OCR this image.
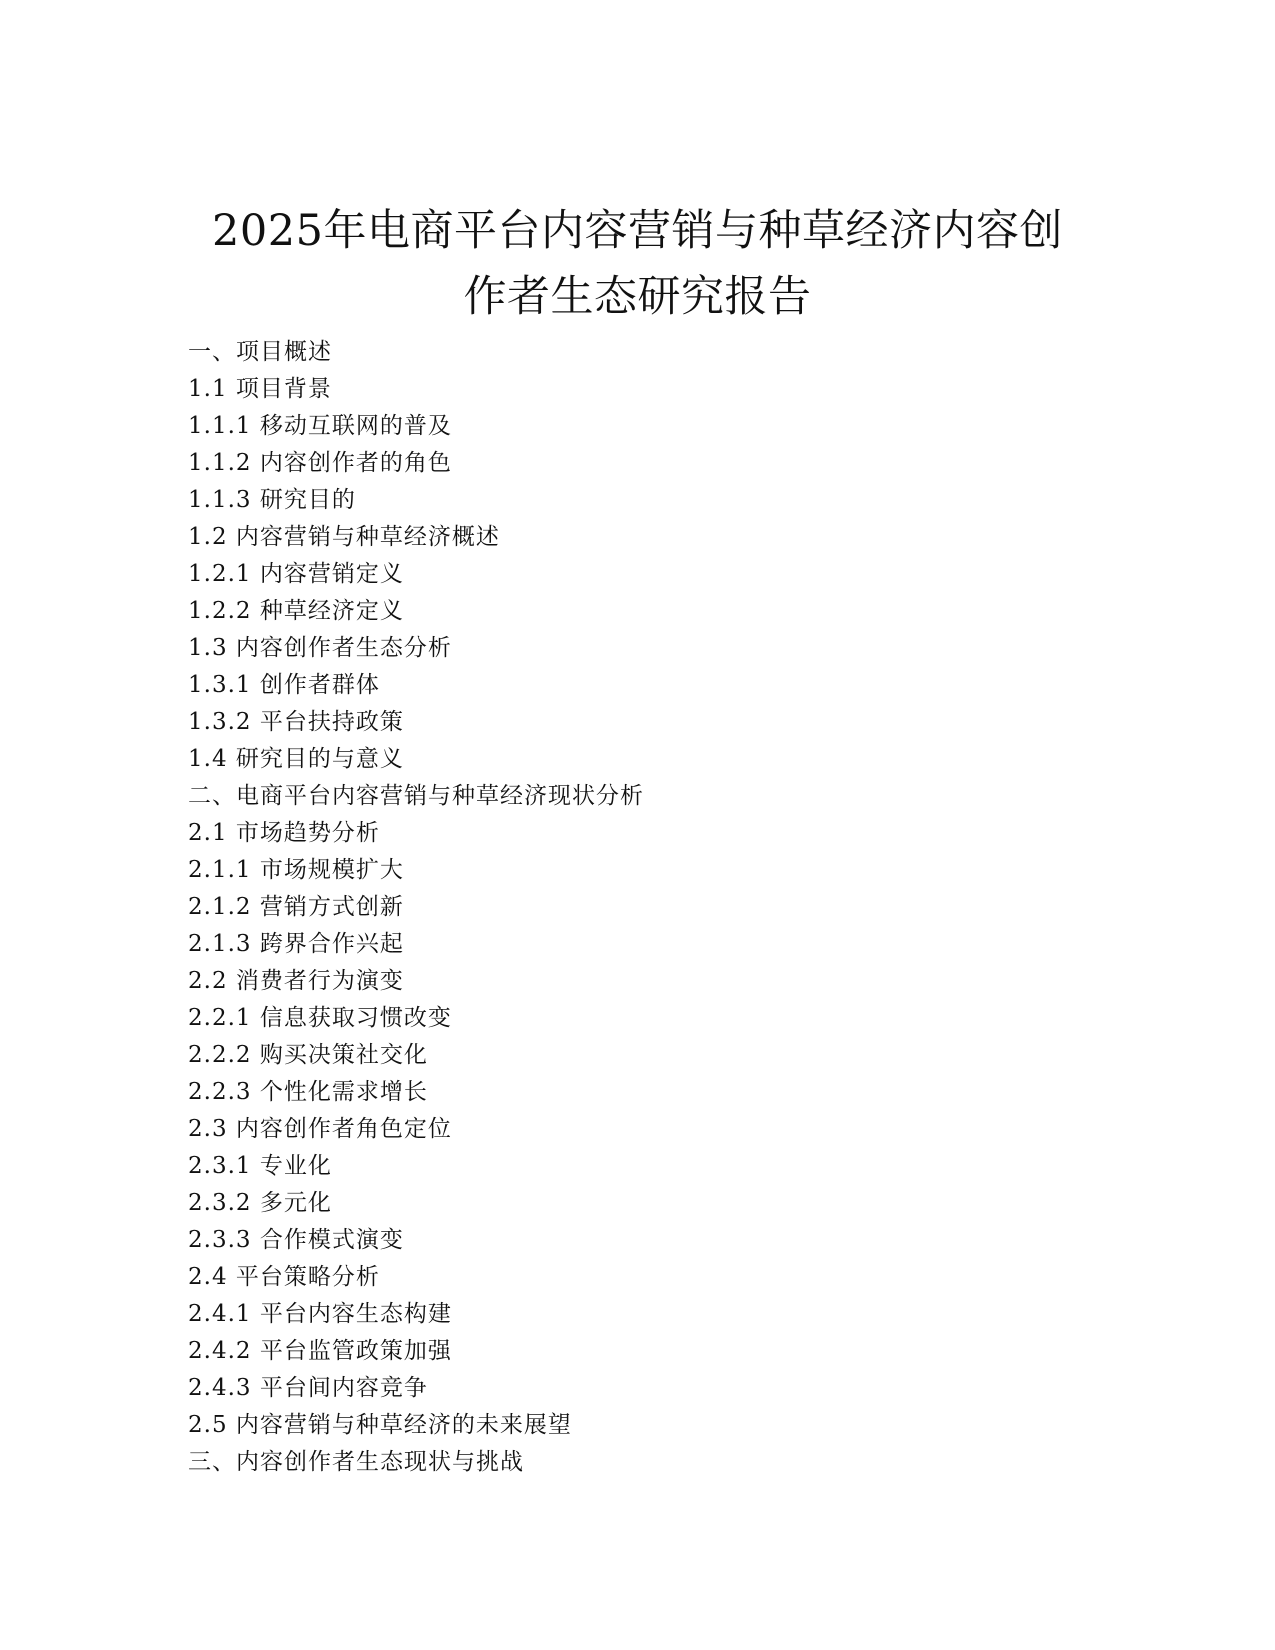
2025年电商平台内容营销与种草经济内容创
作者生态研究报告
一、项目概述
1.1 项目背景
1.1.1 移动互联网的普及
1.1.2 内容创作者的角色
1.1.3 研究目的
1.2 内容营销与种草经济概述
1.2.1 内容营销定义
1.2.2 种草经济定义
1.3 内容创作者生态分析
1.3.1 创作者群体
1.3.2 平台扶持政策
1.4 研究目的与意义
二、电商平台内容营销与种草经济现状分析
2.1 市场趋势分析
2.1.1 市场规模扩大
2.1.2 营销方式创新
2.1.3 跨界合作兴起
2.2 消费者行为演变
2.2.1 信息获取习惯改变
2.2.2 购买决策社交化
2.2.3 个性化需求增长
2.3 内容创作者角色定位
2.3.1 专业化
2.3.2 多元化
2.3.3 合作模式演变
2.4 平台策略分析
2.4.1 平台内容生态构建
2.4.2 平台监管政策加强
2.4.3 平台间内容竞争
2.5 内容营销与种草经济的未来展望
三、内容创作者生态现状与挑战
